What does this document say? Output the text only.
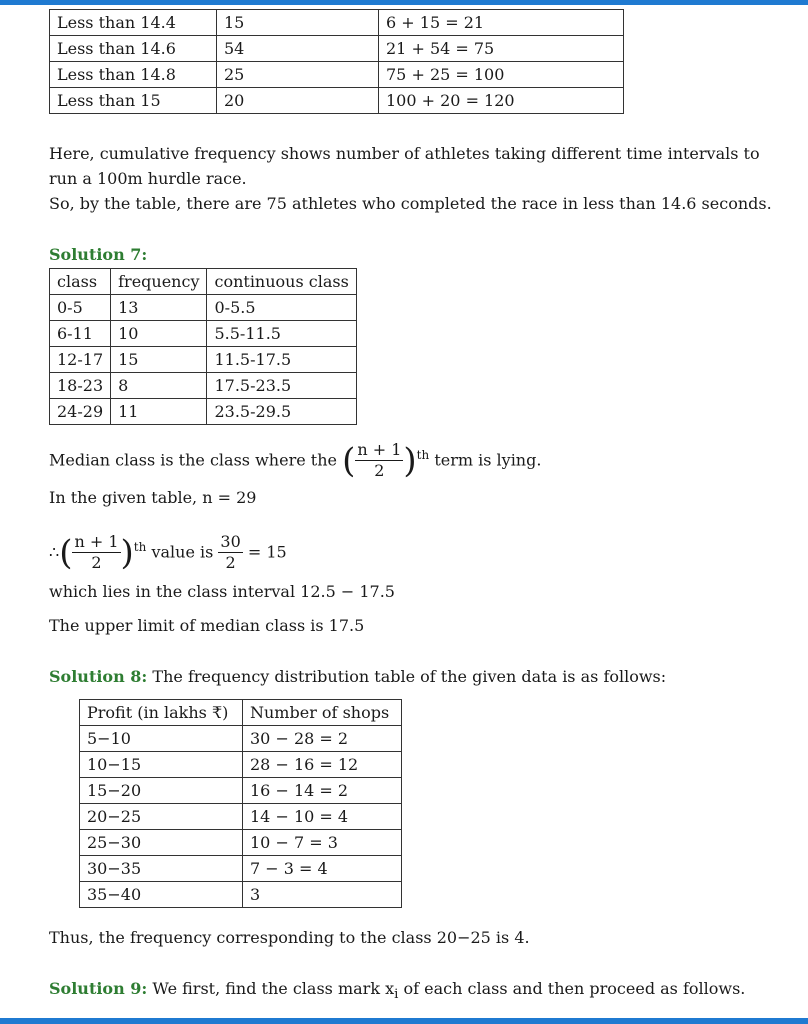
Less than 14.4	15	6 + 15 = 21
Less than 14.6	54	21 + 54 = 75
Less than 14.8	25	75 + 25 = 100
Less than 15	20	100 + 20 = 120

Here, cumulative frequency shows number of athletes taking different time intervals to

run a 100m hurdle race.

So, by the table, there are 75 athletes who completed the race in less than 14.6 seconds.

Solution 7:

class	frequency	continuous class
0-5	13	0-5.5
6-11	10	5.5-11.5
12-17	15	11.5-17.5
18-23	8	17.5-23.5
24-29	11	23.5-29.5
Median class is the class where the ( $\frac{n + 1}{2} )^{th}$ term is lying.

In the given table, n = 29

∴( $\frac{n + 1}{2} )^{th}$ value is $\frac{30}{2} = 15$

which lies in the class interval 12.5 − 17.5

The upper limit of median class is 17.5

Solution 8: The frequency distribution table of the given data is as follows:

Profit (in lakhs ₹)	Number of shops
5−10	30 − 28 = 2
10−15	28 − 16 = 12
15−20	16 − 14 = 2
20−25	14 − 10 = 4
25−30	10 − 7 = 3
30−35	7 − 3 = 4
35−40	3

Thus, the frequency corresponding to the class 20−25 is 4.

Solution 9: We first, find the class mark $x_i$ of each class and then proceed as follows.
